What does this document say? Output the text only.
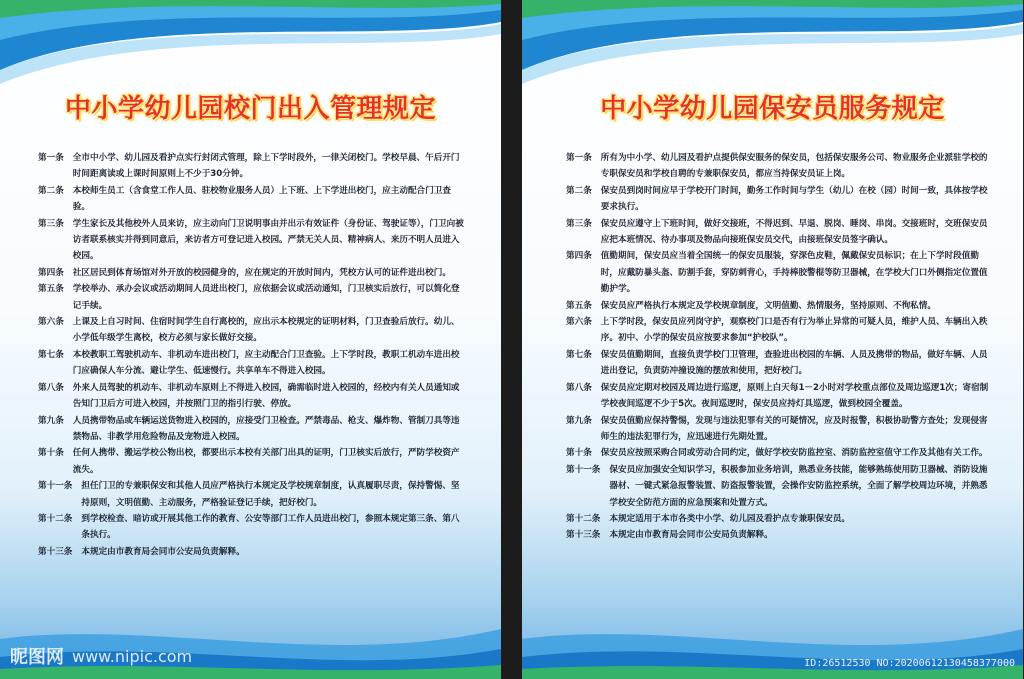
中小学幼儿园校门出入管理规定
第一条	全市中小学、幼儿园及看护点实行封闭式管理，除上下学时段外，一律关闭校门。学校早晨、午后开门时间距离读或上课时间原则上不少于30分钟。
第二条	本校师生员工（含食堂工作人员、驻校物业服务人员）上下班、上下学进出校门，应主动配合门卫查验。
第三条	学生家长及其他校外人员来访，应主动向门卫说明事由并出示有效证件（身份证、驾驶证等），门卫向被访者联系核实并得到同意后，来访者方可登记进入校园。严禁无关人员、精神病人、来历不明人员进入校园。
第四条	社区居民到体育场馆对外开放的校园健身的，应在规定的开放时间内，凭校方认可的证件进出校门。
第五条	学校举办、承办会议或活动期间人员进出校门，应依据会议或活动通知，门卫核实后放行，可以简化登记手续。
第六条	上课及上自习时间、住宿时间学生自行离校的，应出示本校规定的证明材料，门卫查验后放行。幼儿、小学低年级学生离校，校方必须与家长做好交接。
第七条	本校教职工驾驶机动车、非机动车进出校门，应主动配合门卫查验。上下学时段，教职工机动车进出校门应确保人车分流、避让学生、低速慢行。共享单车不得进入校园。
第八条	外来人员驾驶的机动车、非机动车原则上不得进入校园，确需临时进入校园的，经校内有关人员通知或告知门卫后方可进入校园，并按照门卫的指引行驶、停放。
第九条	人员携带物品或车辆运送货物进入校园的，应接受门卫检查。严禁毒品、枪支、爆炸物、管制刀具等违禁物品、非教学用危险物品及宠物进入校园。
第十条	任何人携带、搬运学校公物出校，都要出示本校有关部门出具的证明，门卫核实后放行，严防学校资产流失。
第十一条	担任门卫的专兼职保安和其他人员应严格执行本规定及学校规章制度，认真履职尽责，保持警惕、坚持原则，文明值勤、主动服务，严格验证登记手续，把好校门。
第十二条	到学校检查、暗访或开展其他工作的教育、公安等部门工作人员进出校门，参照本规定第三条、第八条执行。
第十三条	本规定由市教育局会同市公安局负责解释。
昵图网 www.nipic.com
中小学幼儿园保安员服务规定
第一条	所有为中小学、幼儿园及看护点提供保安服务的保安员，包括保安服务公司、物业服务企业派驻学校的专职保安员和学校自聘的专兼职保安员，都应当持保安员证上岗。
第二条	保安员到岗时间应早于学校开门时间，勤务工作时间与学生（幼儿）在校（园）时间一致，具体按学校要求执行。
第三条	保安员应遵守上下班时间，做好交接班，不得迟到、早退、脱岗、睡岗、串岗。交接班时，交班保安员应把本班情况、待办事项及物品向接班保安员交代，由接班保安员签字确认。
第四条	值勤期间，保安员应当着全国统一的保安员服装，穿深色皮鞋，佩戴保安员标识；在上下学时段值勤时，应戴防暴头盔、防割手套，穿防刺背心，手持棒胶警棍等防卫器械，在学校大门口外侧指定位置值勤护学。
第五条	保安员应严格执行本规定及学校规章制度，文明值勤、热情服务，坚持原则、不徇私情。
第六条	上下学时段，保安员应列岗守护，观察校门口是否有行为举止异常的可疑人员，维护人员、车辆出入秩序。初中、小学的保安员应按要求参加“护校队”。
第七条	保安员值勤期间，直接负责学校门卫管理，查验进出校园的车辆、人员及携带的物品，做好车辆、人员进出登记，负责防冲撞设施的摆放和使用，把好校门。
第八条	保安员应定期对校园及周边进行巡逻，原则上白天每1－2小时对学校重点部位及周边巡逻1次；寄宿制学校夜间巡逻不少于5次。夜间巡逻时，保安员应持灯具巡逻，做到校园全覆盖。
第九条	保安员值勤应保持警惕，发现与违法犯罪有关的可疑情况，应及时报警，积极协助警方查处；发现侵害师生的违法犯罪行为，应迅速进行先期处置。
第十条	保安员应按照采购合同或劳动合同约定，做好学校安防监控室、消防监控室值守工作及其他有关工作。
第十一条	保安员应加强安全知识学习，积极参加业务培训，熟悉业务技能，能够熟练使用防卫器械、消防设施器材、一键式紧急报警装置、防盗报警装置，会操作安防监控系统，全面了解学校周边环境，并熟悉学校安全防范方面的应急预案和处置方式。
第十二条	本规定适用于本市各类中小学、幼儿园及看护点专兼职保安员。
第十三条	本规定由市教育局会同市公安局负责解释。
ID:26512530 NO:20200612130458377000
